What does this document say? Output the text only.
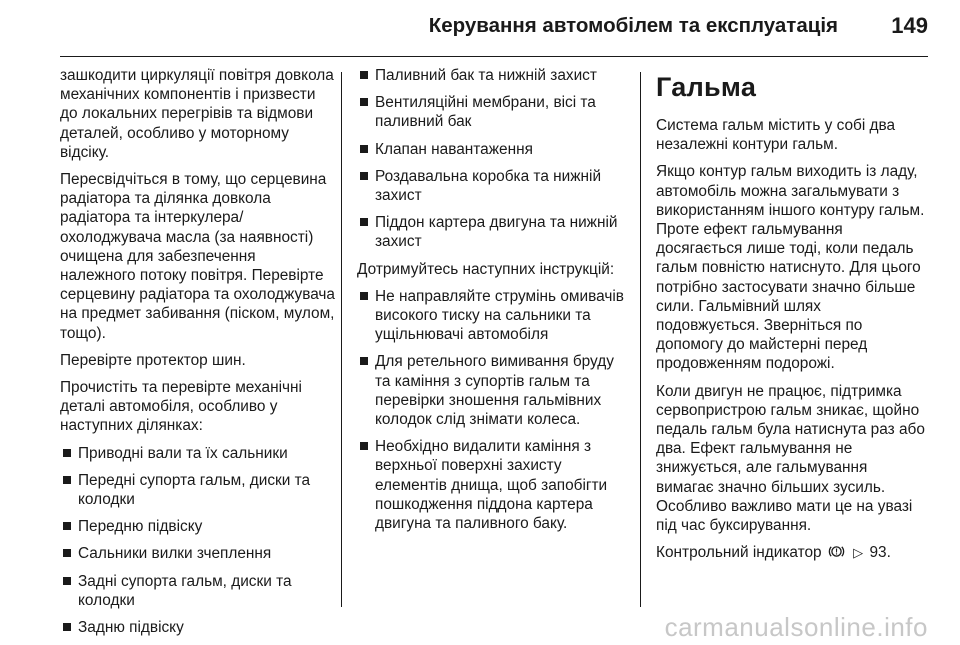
Керування автомобілем та експлуатація 149

зашкодити циркуляції повітря довкола механічних компонентів і призвести до локальних перегрівів та відмови деталей, особливо у моторному відсіку.

Пересвідчіться в тому, що серцевина радіатора та ділянка довкола радіатора та інтеркулера/ охолоджувача масла (за наявності) очищена для забезпечення належного потоку повітря. Перевірте серцевину радіатора та охолоджувача на предмет забивання (піском, мулом, тощо).

Перевірте протектор шин.

Прочистіть та перевірте механічні деталі автомобіля, особливо у наступних ділянках:

Приводні вали та їх сальники
Передні супорта гальм, диски та колодки
Передню підвіску
Сальники вилки зчеплення
Задні супорта гальм, диски та колодки
Задню підвіску
Паливний бак та нижній захист
Вентиляційні мембрани, вісі та паливний бак
Клапан навантаження
Роздавальна коробка та нижній захист
Піддон картера двигуна та нижній захист

Дотримуйтесь наступних інструкцій:

Не направляйте струмінь омивачів високого тиску на сальники та ущільнювачі автомобіля
Для ретельного вимивання бруду та каміння з супортів гальм та перевірки зношення гальмівних колодок слід знімати колеса.
Необхідно видалити каміння з верхньої поверхні захисту елементів днища, щоб запобігти пошкодження піддона картера двигуна та паливного баку.
Гальма

Система гальм містить у собі два незалежні контури гальм.

Якщо контур гальм виходить із ладу, автомобіль можна загальмувати з використанням іншого контуру гальм. Проте ефект гальмування досягається лише тоді, коли педаль гальм повністю натиснуто. Для цього потрібно застосувати значно більше сили. Гальмівний шлях подовжується. Зверніться по допомогу до майстерні перед продовженням подорожі.

Коли двигун не працює, підтримка сервопристрою гальм зникає, щойно педаль гальм була натиснута раз або два. Ефект гальмування не знижується, але гальмування вимагає значно більших зусиль. Особливо важливо мати це на увазі під час буксирування.

Контрольний індикатор ! ▷ 93.

carmanualsonline.info
